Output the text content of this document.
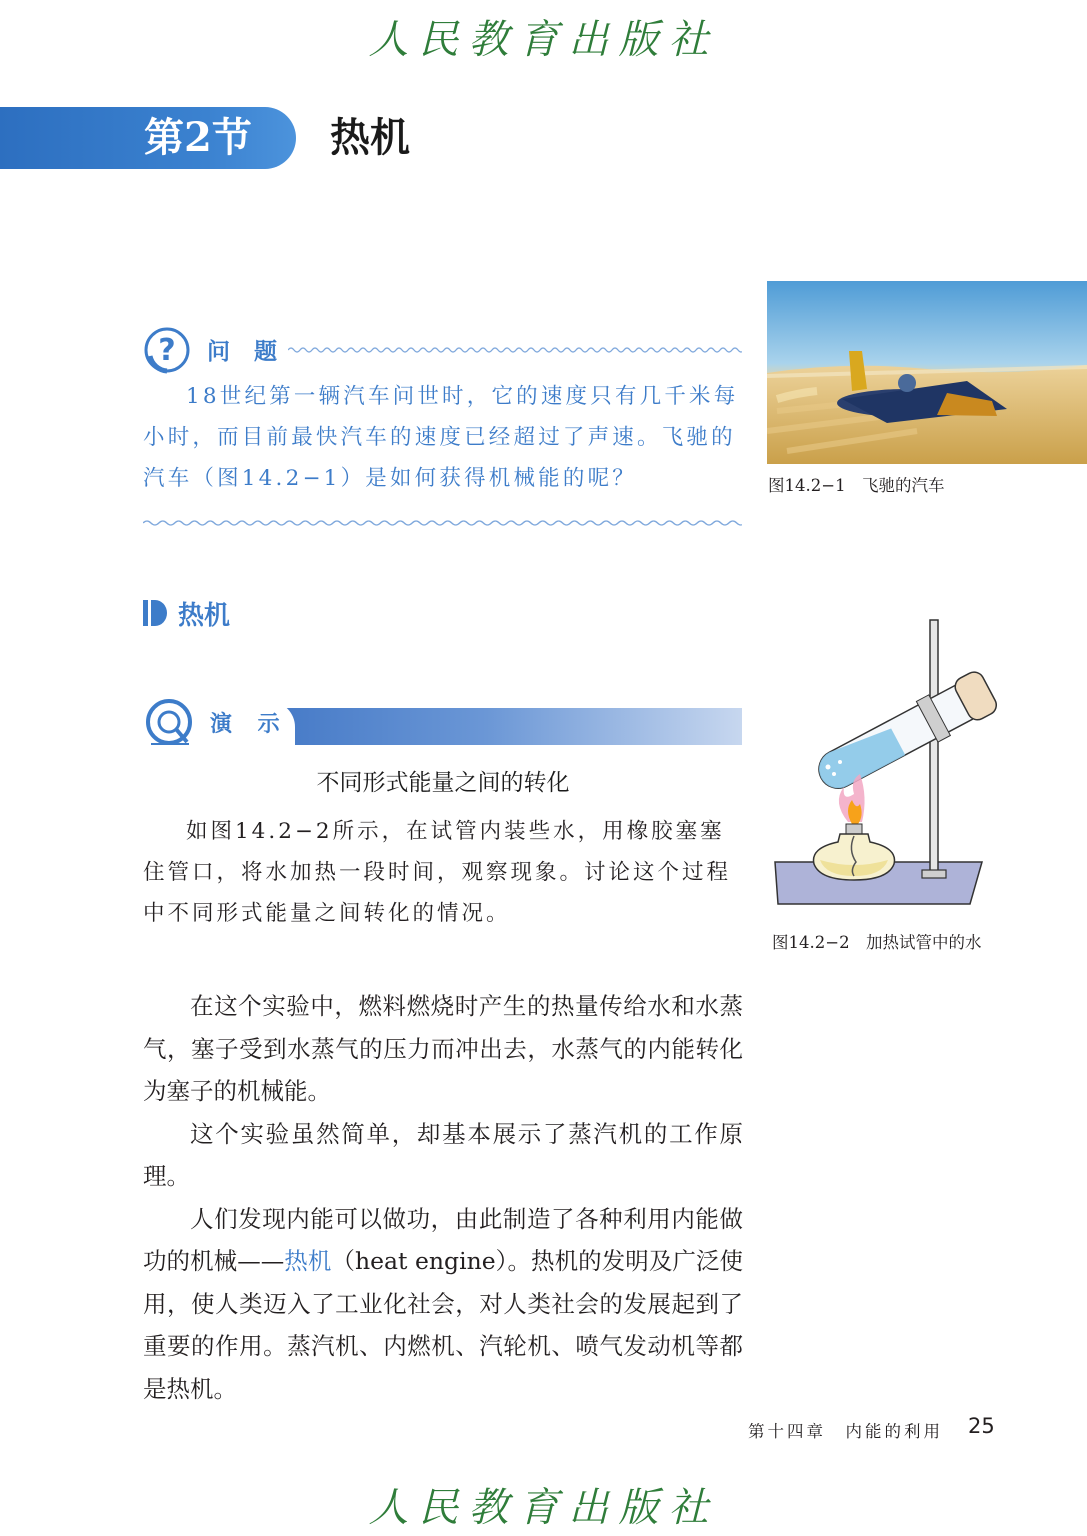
人民教育出版社
第2节 热机
? 问 题

18世纪第一辆汽车问世时，它的速度只有几千米每小时，而目前最快汽车的速度已经超过了声速。飞驰的汽车（图14.2−1）是如何获得机械能的呢？	图14.2−1　飞驰的汽车
热机
演 示
不同形式能量之间的转化

如图14.2−2所示，在试管内装些水，用橡胶塞塞住管口，将水加热一段时间，观察现象。讨论这个过程中不同形式能量之间转化的情况。

图14.2−2　加热试管中的水

在这个实验中，燃料燃烧时产生的热量传给水和水蒸气，塞子受到水蒸气的压力而冲出去，水蒸气的内能转化为塞子的机械能。

这个实验虽然简单，却基本展示了蒸汽机的工作原理。

人们发现内能可以做功，由此制造了各种利用内能做功的机械——热机（heat engine）。热机的发明及广泛使用，使人类迈入了工业化社会，对人类社会的发展起到了重要的作用。蒸汽机、内燃机、汽轮机、喷气发动机等都是热机。

第十四章　内能的利用 25
人民教育出版社
